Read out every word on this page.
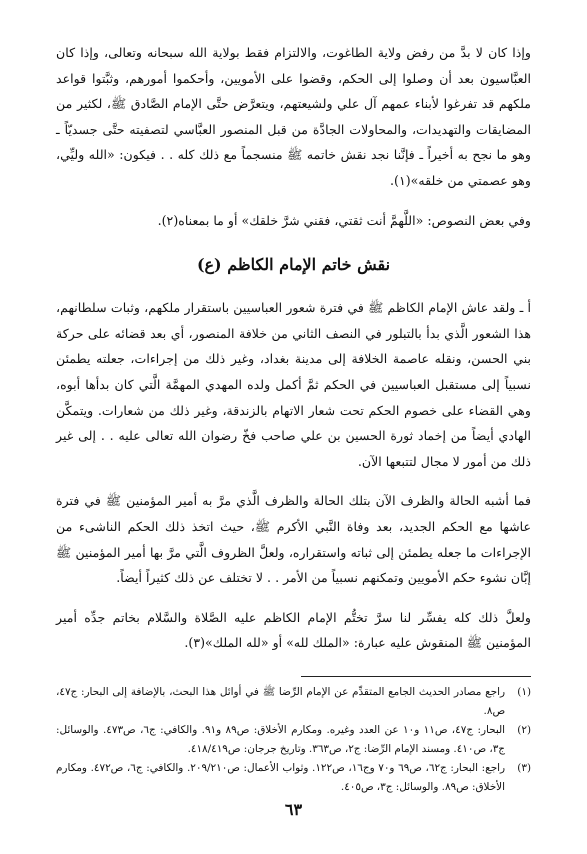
وإذا كان لا بدَّ من رفض ولاية الطاغوت، والالتزام فقط بولاية الله سبحانه وتعالى، وإذا كان العبَّاسيون بعد أن وصلوا إلى الحكم، وقضوا على الأمويين، وأحكموا أمورهم، وثبَّتوا قواعد ملكهم قد تفرغوا لأبناء عمهم آل علي ولشيعتهم، ويتعرَّض حتَّى الإمام الصَّادق ﷺ، لكثير من المضايقات والتهديدات، والمحاولات الجادَّة من قبل المنصور العبَّاسي لتصفيته حتَّى جسديّاً ـ وهو ما نجح به أخيراً ـ فإنَّنا نجد نقش خاتمه ﷺ منسجماً مع ذلك كله . . فيكون: «الله وليِّي، وهو عصمتي من خلقه»(١).

وفي بعض النصوص: «اللَّهمَّ أنت ثقتي، فقني شرَّ خلقك» أو ما بمعناه(٢).

نقش خاتم الإمام الكاظم (ع)

أ ـ ولقد عاش الإمام الكاظم ﷺ في فترة شعور العباسيين باستقرار ملكهم، وثبات سلطانهم، هذا الشعور الَّذي بدأ بالتبلور في النصف الثاني من خلافة المنصور، أي بعد قضائه على حركة بني الحسن، ونقله عاصمة الخلافة إلى مدينة بغداد، وغير ذلك من إجراءات، جعلته يطمئن نسبياً إلى مستقبل العباسيين في الحكم ثمَّ أكمل ولده المهدي المهمَّة الَّتي كان بدأها أبوه، وهي القضاء على خصوم الحكم تحت شعار الاتهام بالزندقة، وغير ذلك من شعارات. ويتمكَّن الهادي أيضاً من إخماد ثورة الحسين بن علي صاحب فخّ رضوان الله تعالى عليه . . إلى غير ذلك من أمور لا مجال لتتبعها الآن.

فما أشبه الحالة والظرف الآن بتلك الحالة والظرف الَّذي مرَّ به أمير المؤمنين ﷺ في فترة عاشها مع الحكم الجديد، بعد وفاة النَّبي الأكرم ﷺ، حيث اتخذ ذلك الحكم الناشىء من الإجراءات ما جعله يطمئن إلى ثباته واستقراره، ولعلَّ الظروف الَّتي مرَّ بها أمير المؤمنين ﷺ إبَّان نشوء حكم الأمويين وتمكنهم نسبياً من الأمر . . لا تختلف عن ذلك كثيراً أيضاً.

ولعلَّ ذلك كله يفسِّر لنا سرَّ تختُّم الإمام الكاظم عليه الصَّلاة والسَّلام بخاتم جدِّه أمير المؤمنين ﷺ المنقوش عليه عبارة: «الملك لله» أو «لله الملك»(٣).

(١)
راجع مصادر الحديث الجامع المتقدِّم عن الإمام الرِّضا ﷺ في أوائل هذا البحث، بالإضافة إلى البحار: ج٤٧، ص٨.
(٢)
البحار: ج٤٧، ص١١ و١٠ عن العدد وغيره. ومكارم الأخلاق: ص٨٩ و٩١. والكافي: ج٦، ص٤٧٣. والوسائل: ج٣، ص٤١٠. ومسند الإمام الرِّضا: ج٢، ص٣٦٣. وتاريخ جرجان: ص٤١٨/٤١٩.
(٣)
راجع: البحار: ج٦٢، ص٦٩ و٧٠ وج١٦، ص١٢٢. وثواب الأعمال: ص٢٠٩/٢١٠. والكافي: ج٦، ص٤٧٢. ومكارم الأخلاق: ص٨٩. والوسائل: ج٣، ص٤٠٥.
٦٣
